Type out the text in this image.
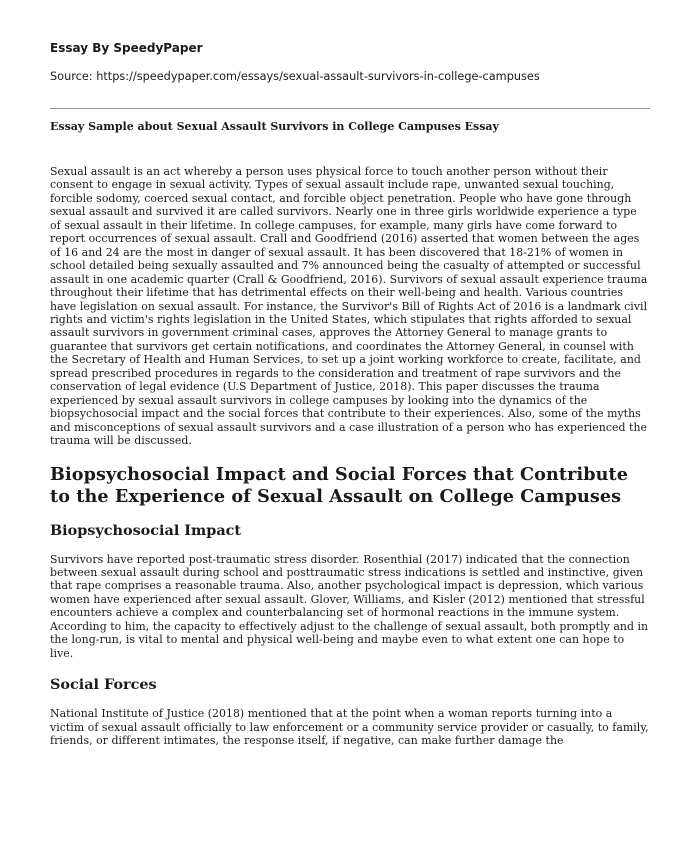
Essay By SpeedyPaper

Source: https://speedypaper.com/essays/sexual-assault-survivors-in-college-campuses

Essay Sample about Sexual Assault Survivors in College Campuses Essay

Sexual assault is an act whereby a person uses physical force to touch another person without their consent to engage in sexual activity. Types of sexual assault include rape, unwanted sexual touching, forcible sodomy, coerced sexual contact, and forcible object penetration. People who have gone through sexual assault and survived it are called survivors. Nearly one in three girls worldwide experience a type of sexual assault in their lifetime. In college campuses, for example, many girls have come forward to report occurrences of sexual assault. Crall and Goodfriend (2016) asserted that women between the ages of 16 and 24 are the most in danger of sexual assault. It has been discovered that 18-21% of women in school detailed being sexually assaulted and 7% announced being the casualty of attempted or successful assault in one academic quarter (Crall & Goodfriend, 2016). Survivors of sexual assault experience trauma throughout their lifetime that has detrimental effects on their well-being and health. Various countries have legislation on sexual assault. For instance, the Survivor's Bill of Rights Act of 2016 is a landmark civil rights and victim's rights legislation in the United States, which stipulates that rights afforded to sexual assault survivors in government criminal cases, approves the Attorney General to manage grants to guarantee that survivors get certain notifications, and coordinates the Attorney General, in counsel with the Secretary of Health and Human Services, to set up a joint working workforce to create, facilitate, and spread prescribed procedures in regards to the consideration and treatment of rape survivors and the conservation of legal evidence (U.S Department of Justice, 2018). This paper discusses the trauma experienced by sexual assault survivors in college campuses by looking into the dynamics of the biopsychosocial impact and the social forces that contribute to their experiences. Also, some of the myths and misconceptions of sexual assault survivors and a case illustration of a person who has experienced the trauma will be discussed.

Biopsychosocial Impact and Social Forces that Contribute to the Experience of Sexual Assault on College Campuses
Biopsychosocial Impact

Survivors have reported post-traumatic stress disorder. Rosenthial (2017) indicated that the connection between sexual assault during school and posttraumatic stress indications is settled and instinctive, given that rape comprises a reasonable trauma. Also, another psychological impact is depression, which various women have experienced after sexual assault. Glover, Williams, and Kisler (2012) mentioned that stressful encounters achieve a complex and counterbalancing set of hormonal reactions in the immune system. According to him, the capacity to effectively adjust to the challenge of sexual assault, both promptly and in the long-run, is vital to mental and physical well-being and maybe even to what extent one can hope to live.

Social Forces

National Institute of Justice (2018) mentioned that at the point when a woman reports turning into a victim of sexual assault officially to law enforcement or a community service provider or casually, to family, friends, or different intimates, the response itself, if negative, can make further damage the
